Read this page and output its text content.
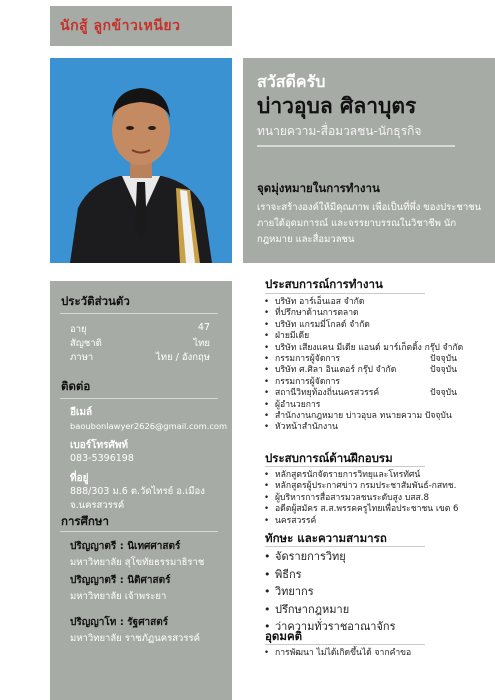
นักสู้ ลูกข้าวเหนียว
สวัสดีครับ
บ่าวอุบล ศิลาบุตร
ทนายความ-สื่อมวลชน-นักธุรกิจ
จุดมุ่งหมายในการทำงาน
เราจะสร้างองค์ให้มีคุณภาพ เพื่อเป็นที่พึ่ง ของประชาชน ภายใต้อุดมการณ์ และจรรยาบรรณในวิชาชีพ นักกฎหมาย และสื่อมวลชน
ประวัติส่วนตัว
อายุ	47
สัญชาติ	ไทย
ภาษา	ไทย / อังกฤษ
ติดต่อ
อีเมล์
baoubonlawyer2626@gmail.com.com
เบอร์โทรศัพท์
083-5396198
ที่อยู่
888/303 ม.6 ต.วัดไทรย์ อ.เมือง จ.นครสวรรค์
การศึกษา
ปริญญาตรี : นิเทศศาสตร์
มหาวิทยาลัย สุโขทัยธรรมาธิราช
ปริญญาตรี : นิติศาสตร์
มหาวิทยาลัย เจ้าพระยา
ปริญญาโท : รัฐศาสตร์
มหาวิทยาลัย ราชภัฏนครสวรรค์
ประสบการณ์การทำงาน
• บริษัท อาร์เอ็นเอส จำกัด
• ที่ปรึกษาด้านการตลาด
• บริษัท แกรมมี่โกลด์ จำกัด
• ฝ่ายมีเดีย
• บริษัท เสียงแคน มีเดีย แอนด์ มาร์เก็ตติ้ง กรุ๊ป จำกัด
• กรรมการผู้จัดการ	ปัจจุบัน
• บริษัท ศ.ศิลา อินเตอร์ กรุ๊ป จำกัด	ปัจจุบัน
• กรรมการผู้จัดการ
• สถานีวิทยุท้องถิ่นนครสวรรค์	ปัจจุบัน
• ผู้อำนวยการ
• สำนักงานกฎหมาย บ่าวอุบล ทนายความ ปัจจุบัน
• หัวหน้าสำนักงาน
ประสบการณ์ด้านฝึกอบรม
• หลักสูตรนักจัดรายการวิทยุและโทรทัศน์
• หลักสูตรผู้ประกาศข่าว กรมประชาสัมพันธ์-กสทช.
• ผู้บริหารการสื่อสารมวลชนระดับสูง บสส.8
• อดีตผู้สมัคร ส.ส.พรรคครูไทยเพื่อประชาชน เขต 6
• นครสวรรค์
ทักษะ และความสามารถ
• จัดรายการวิทยุ
• พิธีกร
• วิทยากร
• ปรึกษากฎหมาย
• ว่าความทั่วราชอาณาจักร
อุดมคติ
• การพัฒนา ไม่ได้เกิดขึ้นได้ จากคำขอ
